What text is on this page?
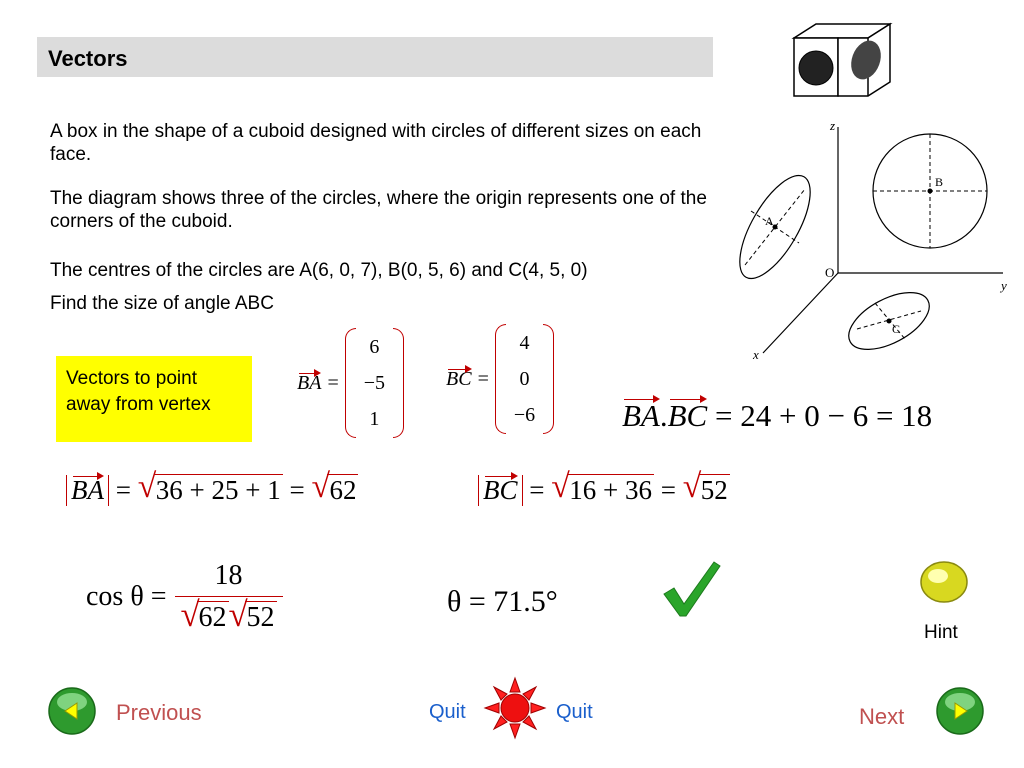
Vectors
A box in the shape of a cuboid designed with circles of different sizes on each face.
The diagram shows three of the circles, where the origin represents one of the corners of the cuboid.
The centres of the circles are A(6, 0, 7), B(0, 5, 6) and C(4, 5, 0)
Find the size of angle ABC
z
y
x
O
A
B
C
Vectors to point away from vertex
BA =
6
−5
1
BC =
4
0
−6	BA.BC = 24 + 0 − 6 = 18
BA = √ 36 + 25 + 1 = √ 62	BC = √ 16 + 36 = √ 52
cos θ = 18
√
62 √
52	θ = 71.5°
Hint
Previous	Quit	Quit	Next
